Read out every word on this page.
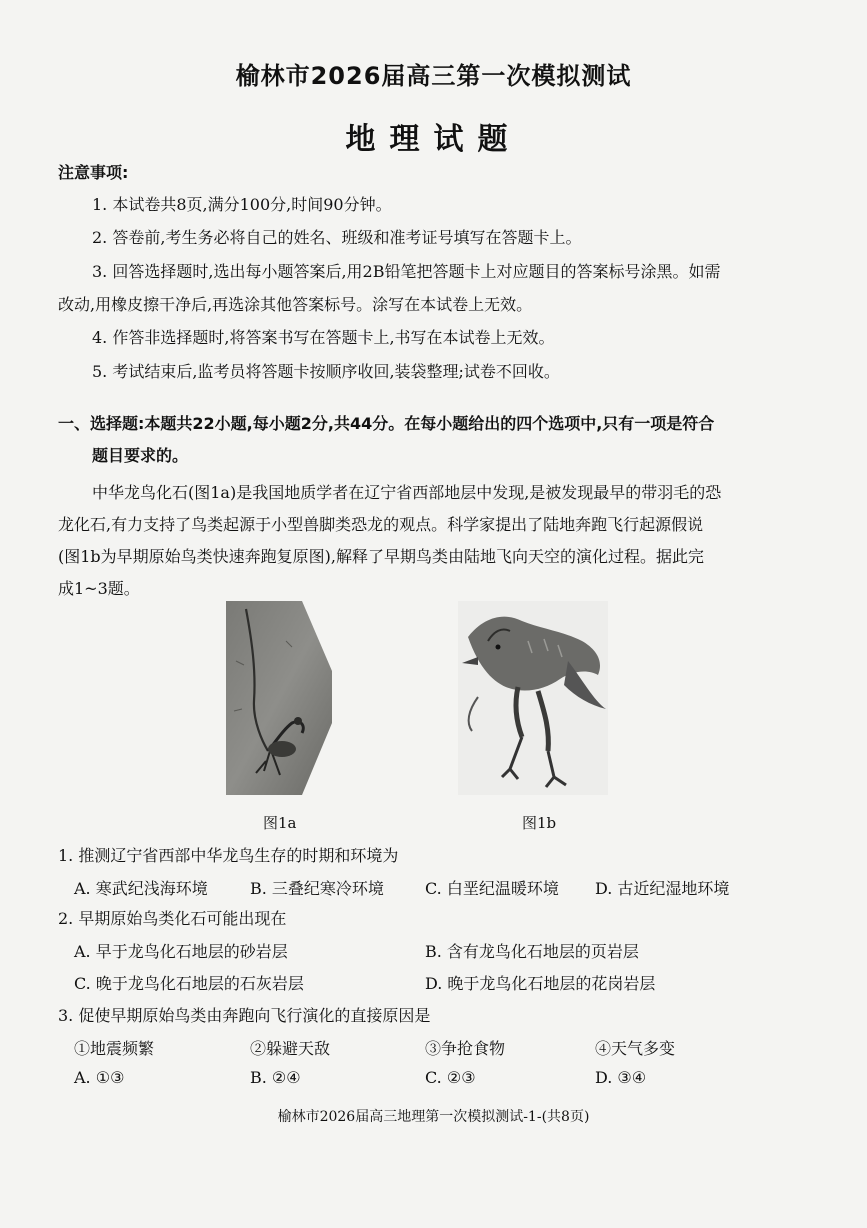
榆林市2026届高三第一次模拟测试
地理试题
注意事项:
1. 本试卷共8页,满分100分,时间90分钟。
2. 答卷前,考生务必将自己的姓名、班级和准考证号填写在答题卡上。
3. 回答选择题时,选出每小题答案后,用2B铅笔把答题卡上对应题目的答案标号涂黑。如需
改动,用橡皮擦干净后,再选涂其他答案标号。涂写在本试卷上无效。
4. 作答非选择题时,将答案书写在答题卡上,书写在本试卷上无效。
5. 考试结束后,监考员将答题卡按顺序收回,装袋整理;试卷不回收。
一、选择题:本题共22小题,每小题2分,共44分。在每小题给出的四个选项中,只有一项是符合
题目要求的。
中华龙鸟化石(图1a)是我国地质学者在辽宁省西部地层中发现,是被发现最早的带羽毛的恐
龙化石,有力支持了鸟类起源于小型兽脚类恐龙的观点。科学家提出了陆地奔跑飞行起源假说
(图1b为早期原始鸟类快速奔跑复原图),解释了早期鸟类由陆地飞向天空的演化过程。据此完
成1~3题。
图1a	图1b
1. 推测辽宁省西部中华龙鸟生存的时期和环境为
A. 寒武纪浅海环境	B. 三叠纪寒冷环境	C. 白垩纪温暖环境 D. 古近纪湿地环境
2. 早期原始鸟类化石可能出现在
A. 早于龙鸟化石地层的砂岩层	B. 含有龙鸟化石地层的页岩层
C. 晚于龙鸟化石地层的石灰岩层	D. 晚于龙鸟化石地层的花岗岩层
3. 促使早期原始鸟类由奔跑向飞行演化的直接原因是
①地震频繁	②躲避天敌	③争抢食物	④天气多变
A. ①③	B. ②④	C. ②③	D. ③④
榆林市2026届高三地理第一次模拟测试-1-(共8页)
